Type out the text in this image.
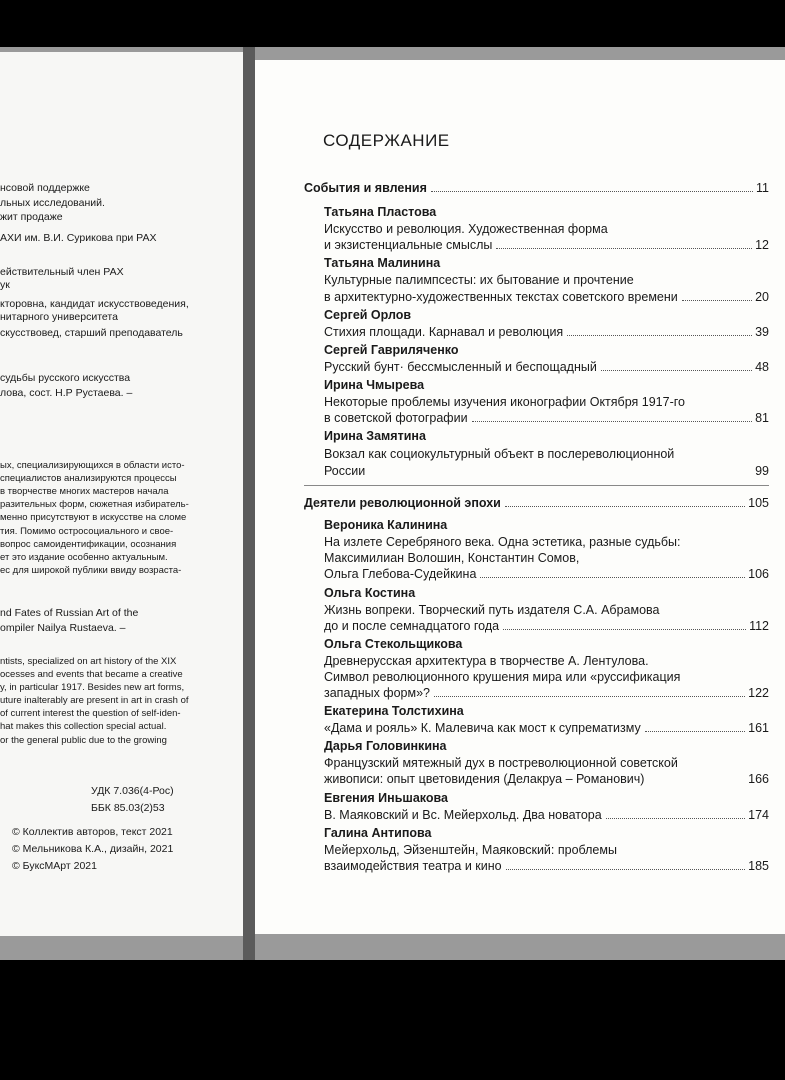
нсовой поддержке
льных исследований.
жит продаже
АХИ им. В.И. Сурикова при РАХ
ействительный член РАХ
ук
кторовна, кандидат искусствоведения,
нитарного университета
скусствовед, старший преподаватель
судьбы русского искусства
лова, сост. Н.Р Рустаева. –
ых, специализирующихся в области исто-
специалистов анализируются процессы
в творчестве многих мастеров начала
разительных форм, сюжетная избиратель-
менно присутствуют в искусстве на сломе
тия. Помимо остросоциального и свое-
вопрос самоидентификации, осознания
ет это издание особенно актуальным.
ес для широкой публики ввиду возраста-
nd Fates of Russian Art of the
ompiler Nailya Rustaeva. –
ntists, specialized on art history of the XIX
ocesses and events that became a creative
y, in particular 1917. Besides new art forms,
uture inalterably are present in art in crash of
of current interest the question of self-iden-
hat makes this collection special actual.
or the general public due to the growing
УДК 7.036(4-Рос)
ББК 85.03(2)53
© Коллектив авторов, текст 2021
© Мельникова К.А., дизайн, 2021
© БуксМАрт 2021
СОДЕРЖАНИЕ
События и явления	11
Татьяна Пластова
Искусство и революция. Художественная форма
и экзистенциальные смыслы	12
Татьяна Малинина
Культурные палимпсесты: их бытование и прочтение
в архитектурно-художественных текстах советского времени	20
Сергей Орлов
Стихия площади. Карнавал и революция	39
Сергей Гавриляченко
Русский бунт· бессмысленный и беспощадный	48
Ирина Чмырева
Некоторые проблемы изучения иконографии Октября 1917-го
в советской фотографии	81
Ирина Замятина
Вокзал как социокультурный объект в послереволюционной
России	99
Деятели революционной эпохи	105
Вероника Калинина
На излете Серебряного века. Одна эстетика, разные судьбы:
Максимилиан Волошин, Константин Сомов,
Ольга Глебова-Судейкина	106
Ольга Костина
Жизнь вопреки. Творческий путь издателя С.А. Абрамова
до и после семнадцатого года	112
Ольга Стекольщикова
Древнерусская архитектура в творчестве А. Лентулова.
Символ революционного крушения мира или «руссификация
западных форм»?	122
Екатерина Толстихина
«Дама и рояль» К. Малевича как мост к супрематизму	161
Дарья Головинкина
Французский мятежный дух в постреволюционной советской
живописи: опыт цветовидения (Делакруа – Романович)	166
Евгения Иньшакова
В. Маяковский и Вс. Мейерхольд. Два новатора	174
Галина Антипова
Мейерхольд, Эйзенштейн, Маяковский: проблемы
взаимодействия театра и кино	185
